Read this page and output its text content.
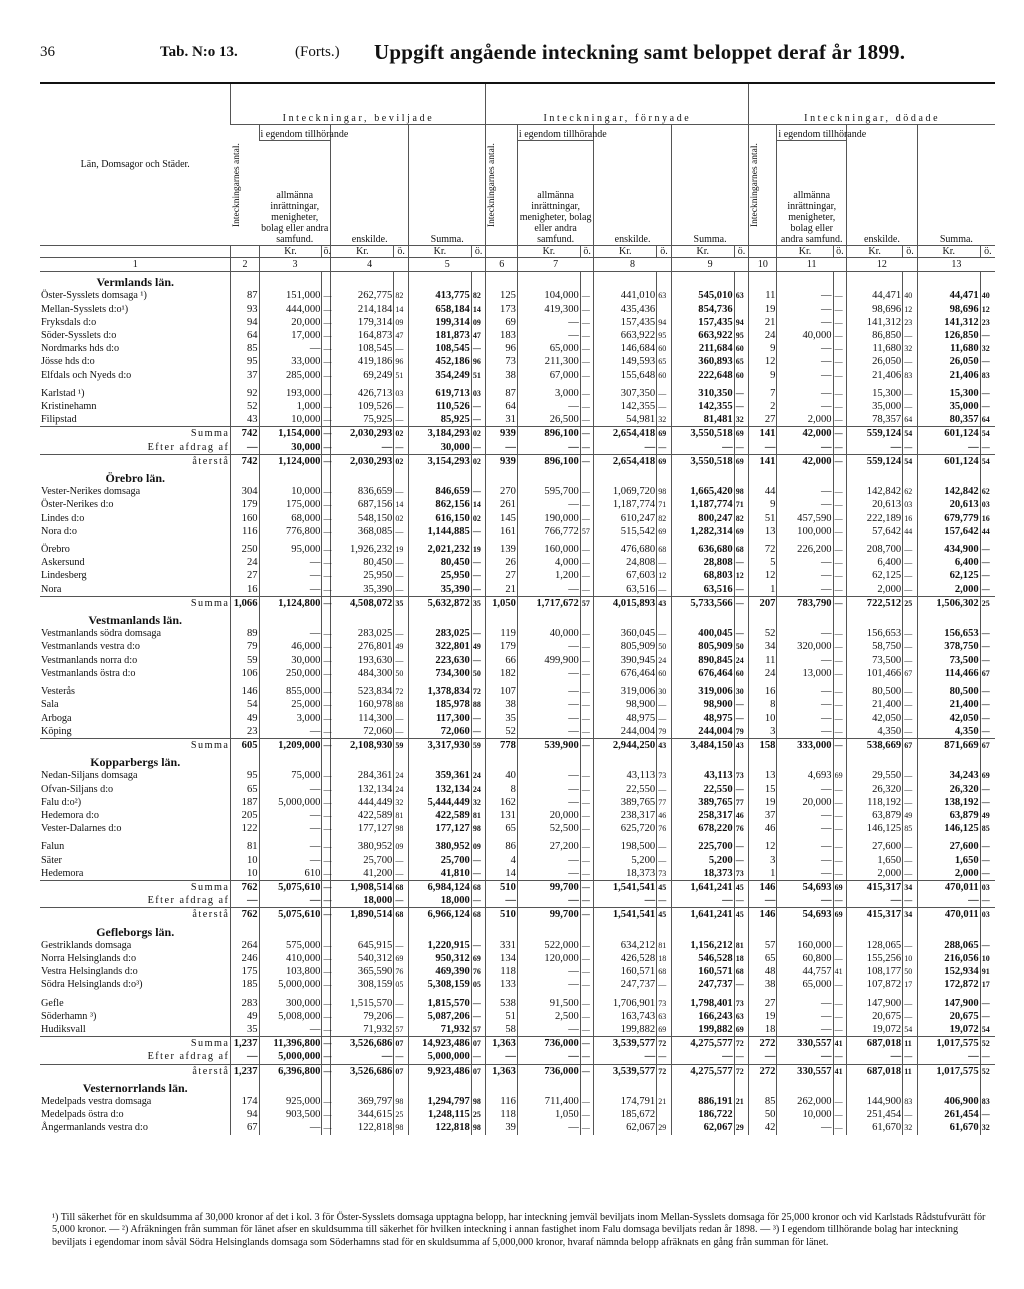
36	Tab. N:o 13.	(Forts.) Uppgift angående inteckning samt beloppet deraf år 1899.
Län, Domsagor och Städer.	Inteckningar, beviljade							Inteckningar, förnyade							Inteckningar, dödade						

	Inteckningarnes antal.	i egendom tillhörande						Inteckningarnes antal.	i egendom tillhörande						Inteckningarnes antal.	i egendom tillhörande					
		allmänna inrättningar, menigheter, bolag eller andra samfund.		enskilde.		Summa.			allmänna inrättningar, menigheter, bolag eller andra samfund.		enskilde.		Summa.			allmänna inrättningar, menigheter, bolag eller andra samfund.		enskilde.		Summa.	
		Kr.	ö.	Kr.	ö.	Kr.	ö.		Kr.	ö.	Kr.	ö.	Kr.	ö.		Kr.	ö.	Kr.	ö.	Kr.	ö.
1	2	3		4		5		6	7		8		9		10	11		12		13	
Vermlands län.																					
Öster-Sysslets domsaga ¹)	87	151,000	—	262,775	82	413,775	82	125	104,000	—	441,010	63	545,010	63	11	—	—	44,471	40	44,471	40
Mellan-Sysslets d:o¹)	93	444,000	—	214,184	14	658,184	14	173	419,300	—	435,436		854,736		19	—	—	98,696	12	98,696	12
Fryksdals d:o	94	20,000	—	179,314	09	199,314	09	69	—	—	157,435	94	157,435	94	21	—	—	141,312	23	141,312	23
Söder-Sysslets d:o	64	17,000	—	164,873	47	181,873	47	183	—	—	663,922	95	663,922	95	24	40,000	—	86,850	—	126,850	—
Nordmarks hds d:o	85	—	—	108,545	—	108,545	—	96	65,000	—	146,684	60	211,684	60	9	—	—	11,680	32	11,680	32
Jösse hds d:o	95	33,000	—	419,186	96	452,186	96	73	211,300	—	149,593	65	360,893	65	12	—	—	26,050	—	26,050	—
Elfdals och Nyeds d:o	37	285,000	—	69,249	51	354,249	51	38	67,000	—	155,648	60	222,648	60	9	—	—	21,406	83	21,406	83

Karlstad ¹)	92	193,000	—	426,713	03	619,713	03	87	3,000	—	307,350	—	310,350	—	7	—	—	15,300	—	15,300	—
Kristinehamn	52	1,000	—	109,526	—	110,526	—	64	—	—	142,355	—	142,355	—	2	—	—	35,000	—	35,000	—
Filipstad	43	10,000	—	75,925	—	85,925	—	31	26,500	—	54,981	32	81,481	32	27	2,000	—	78,357	64	80,357	64
Summa	742	1,154,000	—	2,030,293	02	3,184,293	02	939	896,100	—	2,654,418	69	3,550,518	69	141	42,000	—	559,124	54	601,124	54
Efter afdrag af	—	30,000	—	—	—	30,000	—	—	—	—	—	—	—	—	—	—	—	—	—	—	—
återstå	742	1,124,000	—	2,030,293	02	3,154,293	02	939	896,100	—	2,654,418	69	3,550,518	69	141	42,000	—	559,124	54	601,124	54
Örebro län.																					
Vester-Nerikes domsaga	304	10,000	—	836,659	—	846,659	—	270	595,700	—	1,069,720	98	1,665,420	98	44	—	—	142,842	62	142,842	62
Öster-Nerikes d:o	179	175,000	—	687,156	14	862,156	14	261	—	—	1,187,774	71	1,187,774	71	9	—	—	20,613	03	20,613	03
Lindes d:o	160	68,000	—	548,150	02	616,150	02	145	190,000	—	610,247	82	800,247	82	51	457,590	—	222,189	16	679,779	16
Nora d:o	116	776,800	—	368,085	—	1,144,885	—	161	766,772	57	515,542	69	1,282,314	69	13	100,000	—	57,642	44	157,642	44

Örebro	250	95,000	—	1,926,232	19	2,021,232	19	139	160,000	—	476,680	68	636,680	68	72	226,200	—	208,700	—	434,900	—
Askersund	24	—	—	80,450	—	80,450	—	26	4,000	—	24,808	—	28,808	—	5	—	—	6,400	—	6,400	—
Lindesberg	27	—	—	25,950	—	25,950	—	27	1,200	—	67,603	12	68,803	12	12	—	—	62,125	—	62,125	—
Nora	16	—	—	35,390	—	35,390	—	21	—	—	63,516	—	63,516	—	1	—	—	2,000	—	2,000	—
Summa	1,066	1,124,800	—	4,508,072	35	5,632,872	35	1,050	1,717,672	57	4,015,893	43	5,733,566	—	207	783,790	—	722,512	25	1,506,302	25
Vestmanlands län.																					
Vestmanlands södra domsaga	89	—	—	283,025	—	283,025	—	119	40,000	—	360,045	—	400,045	—	52	—	—	156,653	—	156,653	—
Vestmanlands vestra d:o	79	46,000	—	276,801	49	322,801	49	179	—	—	805,909	50	805,909	50	34	320,000	—	58,750	—	378,750	—
Vestmanlands norra d:o	59	30,000	—	193,630	—	223,630	—	66	499,900	—	390,945	24	890,845	24	11	—	—	73,500	—	73,500	—
Vestmanlands östra d:o	106	250,000	—	484,300	50	734,300	50	182	—	—	676,464	60	676,464	60	24	13,000	—	101,466	67	114,466	67

Vesterås	146	855,000	—	523,834	72	1,378,834	72	107	—	—	319,006	30	319,006	30	16	—	—	80,500	—	80,500	—
Sala	54	25,000	—	160,978	88	185,978	88	38	—	—	98,900	—	98,900	—	8	—	—	21,400	—	21,400	—
Arboga	49	3,000	—	114,300	—	117,300	—	35	—	—	48,975	—	48,975	—	10	—	—	42,050	—	42,050	—
Köping	23	—	—	72,060	—	72,060	—	52	—	—	244,004	79	244,004	79	3	—	—	4,350	—	4,350	—
Summa	605	1,209,000	—	2,108,930	59	3,317,930	59	778	539,900	—	2,944,250	43	3,484,150	43	158	333,000	—	538,669	67	871,669	67
Kopparbergs län.																					
Nedan-Siljans domsaga	95	75,000	—	284,361	24	359,361	24	40	—	—	43,113	73	43,113	73	13	4,693	69	29,550	—	34,243	69
Ofvan-Siljans d:o	65	—	—	132,134	24	132,134	24	8	—	—	22,550	—	22,550	—	15	—	—	26,320	—	26,320	—
Falu d:o²)	187	5,000,000	—	444,449	32	5,444,449	32	162	—	—	389,765	77	389,765	77	19	20,000	—	118,192	—	138,192	—
Hedemora d:o	205	—	—	422,589	81	422,589	81	131	20,000	—	238,317	46	258,317	46	37	—	—	63,879	49	63,879	49
Vester-Dalarnes d:o	122	—	—	177,127	98	177,127	98	65	52,500	—	625,720	76	678,220	76	46	—	—	146,125	85	146,125	85

Falun	81	—	—	380,952	09	380,952	09	86	27,200	—	198,500	—	225,700	—	12	—	—	27,600	—	27,600	—
Säter	10	—	—	25,700	—	25,700	—	4	—	—	5,200	—	5,200	—	3	—	—	1,650	—	1,650	—
Hedemora	10	610	—	41,200	—	41,810	—	14	—	—	18,373	73	18,373	73	1	—	—	2,000	—	2,000	—
Summa	762	5,075,610	—	1,908,514	68	6,984,124	68	510	99,700	—	1,541,541	45	1,641,241	45	146	54,693	69	415,317	34	470,011	03
Efter afdrag af	—	—	—	18,000	—	18,000	—	—	—	—	—	—	—	—	—	—	—	—	—	—	—
återstå	762	5,075,610	—	1,890,514	68	6,966,124	68	510	99,700	—	1,541,541	45	1,641,241	45	146	54,693	69	415,317	34	470,011	03
Gefleborgs län.																					
Gestriklands domsaga	264	575,000	—	645,915	—	1,220,915	—	331	522,000	—	634,212	81	1,156,212	81	57	160,000	—	128,065	—	288,065	—
Norra Helsinglands d:o	246	410,000	—	540,312	69	950,312	69	134	120,000	—	426,528	18	546,528	18	65	60,800	—	155,256	10	216,056	10
Vestra Helsinglands d:o	175	103,800	—	365,590	76	469,390	76	118	—	—	160,571	68	160,571	68	48	44,757	41	108,177	50	152,934	91
Södra Helsinglands d:o³)	185	5,000,000	—	308,159	05	5,308,159	05	133	—	—	247,737	—	247,737	—	38	65,000	—	107,872	17	172,872	17

Gefle	283	300,000	—	1,515,570	—	1,815,570	—	538	91,500	—	1,706,901	73	1,798,401	73	27	—	—	147,900	—	147,900	—
Söderhamn ³)	49	5,008,000	—	79,206	—	5,087,206	—	51	2,500	—	163,743	63	166,243	63	19	—	—	20,675	—	20,675	—
Hudiksvall	35	—	—	71,932	57	71,932	57	58	—	—	199,882	69	199,882	69	18	—	—	19,072	54	19,072	54
Summa	1,237	11,396,800	—	3,526,686	07	14,923,486	07	1,363	736,000	—	3,539,577	72	4,275,577	72	272	330,557	41	687,018	11	1,017,575	52
Efter afdrag af	—	5,000,000	—	—	—	5,000,000	—	—	—	—	—	—	—	—	—	—	—	—	—	—	—
återstå	1,237	6,396,800	—	3,526,686	07	9,923,486	07	1,363	736,000	—	3,539,577	72	4,275,577	72	272	330,557	41	687,018	11	1,017,575	52
Vesternorrlands län.																					
Medelpads vestra domsaga	174	925,000	—	369,797	98	1,294,797	98	116	711,400	—	174,791	21	886,191	21	85	262,000	—	144,900	83	406,900	83
Medelpads östra d:o	94	903,500	—	344,615	25	1,248,115	25	118	1,050	—	185,672		186,722		50	10,000	—	251,454	—	261,454	—
Ångermanlands vestra d:o	67	—	—	122,818	98	122,818	98	39	—	—	62,067	29	62,067	29	42	—	—	61,670	32	61,670	32
¹) Till säkerhet för en skuldsumma af 30,000 kronor af det i kol. 3 för Öster-Sysslets domsaga upptagna belopp, har inteckning jemväl beviljats inom Mellan-Sysslets domsaga för 25,000 kronor och vid Karlstads Rådstufvurätt för 5,000 kronor. — ²) Afräkningen från summan för länet afser en skuldsumma till säkerhet för hvilken inteckning i annan fastighet inom Falu domsaga beviljats redan år 1898. — ³) I egendom tillhörande bolag har inteckning beviljats i egendomar inom såväl Södra Helsinglands domsaga som Söderhamns stad för en skuldsumma af 5,000,000 kronor, hvaraf nämnda belopp afräknats en gång från summan för länet.
